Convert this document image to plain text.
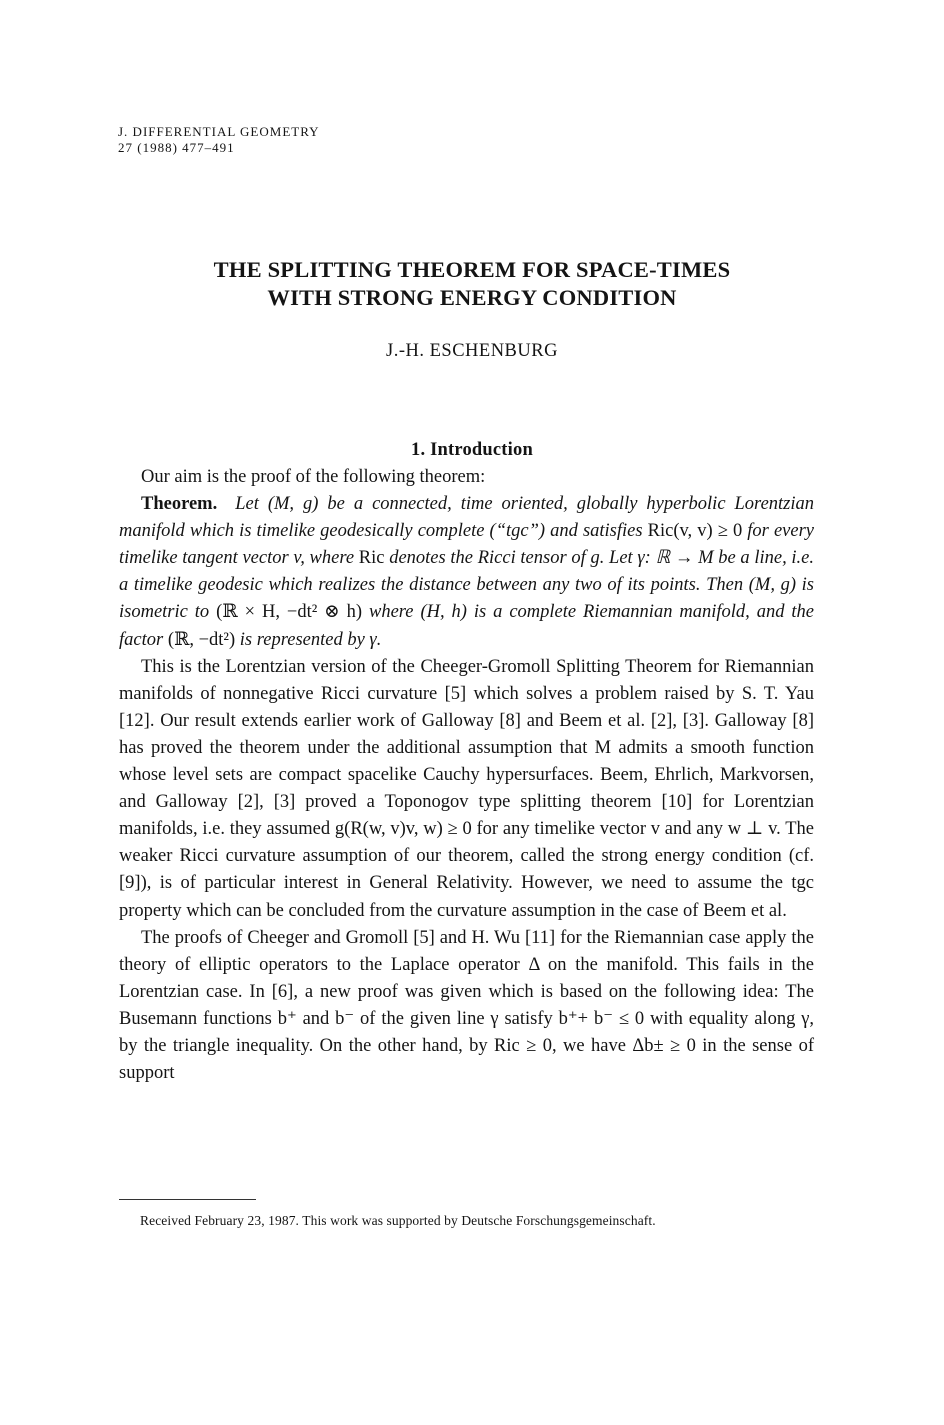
J. DIFFERENTIAL GEOMETRY
27 (1988) 477–491
THE SPLITTING THEOREM FOR SPACE-TIMES
WITH STRONG ENERGY CONDITION
J.-H. ESCHENBURG
1. Introduction

Our aim is the proof of the following theorem:

Theorem. Let (M, g) be a connected, time oriented, globally hyperbolic Lorentzian manifold which is timelike geodesically complete (“tgc”) and satisfies Ric(v, v) ≥ 0 for every timelike tangent vector v, where Ric denotes the Ricci tensor of g. Let γ: ℝ → M be a line, i.e. a timelike geodesic which realizes the distance between any two of its points. Then (M, g) is isometric to (ℝ × H, −dt² ⊗ h) where (H, h) is a complete Riemannian manifold, and the factor (ℝ, −dt²) is represented by γ.

This is the Lorentzian version of the Cheeger-Gromoll Splitting Theorem for Riemannian manifolds of nonnegative Ricci curvature [5] which solves a problem raised by S. T. Yau [12]. Our result extends earlier work of Galloway [8] and Beem et al. [2], [3]. Galloway [8] has proved the theorem under the additional assumption that M admits a smooth function whose level sets are compact spacelike Cauchy hypersurfaces. Beem, Ehrlich, Markvorsen, and Galloway [2], [3] proved a Toponogov type splitting theorem [10] for Lorentzian manifolds, i.e. they assumed g(R(w, v)v, w) ≥ 0 for any timelike vector v and any w ⊥ v. The weaker Ricci curvature assumption of our theorem, called the strong energy condition (cf. [9]), is of particular interest in General Relativity. However, we need to assume the tgc property which can be concluded from the curvature assumption in the case of Beem et al.

The proofs of Cheeger and Gromoll [5] and H. Wu [11] for the Riemannian case apply the theory of elliptic operators to the Laplace operator Δ on the manifold. This fails in the Lorentzian case. In [6], a new proof was given which is based on the following idea: The Busemann functions b⁺ and b⁻ of the given line γ satisfy b⁺+ b⁻ ≤ 0 with equality along γ, by the triangle inequality. On the other hand, by Ric ≥ 0, we have Δb± ≥ 0 in the sense of support

Received February 23, 1987. This work was supported by Deutsche Forschungsgemeinschaft.
